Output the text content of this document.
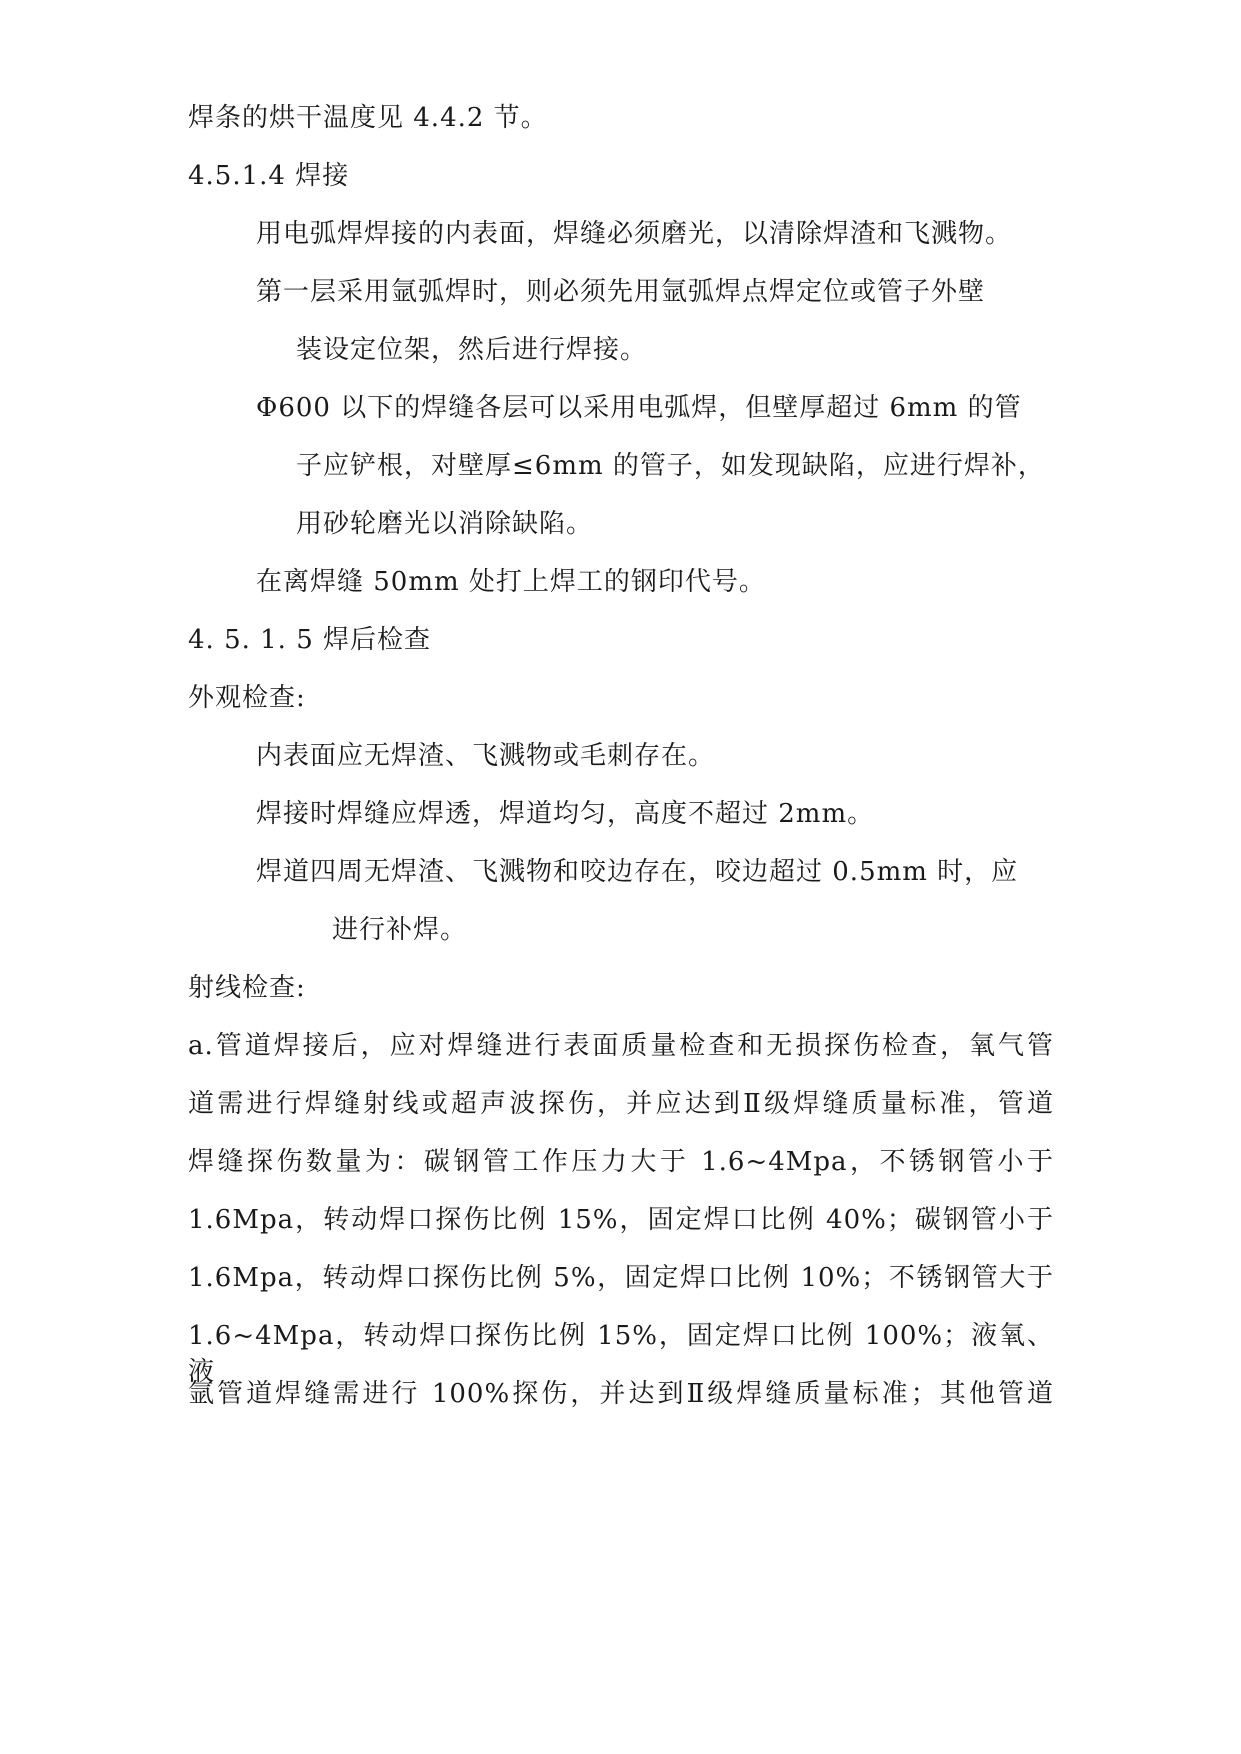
焊条的烘干温度见 4.4.2 节。
4.5.1.4 焊接
用电弧焊焊接的内表面，焊缝必须磨光，以清除焊渣和飞溅物。
第一层采用氩弧焊时，则必须先用氩弧焊点焊定位或管子外壁
装设定位架，然后进行焊接。
Φ600 以下的焊缝各层可以采用电弧焊，但壁厚超过 6mm 的管
子应铲根，对壁厚≤6mm 的管子，如发现缺陷，应进行焊补，
用砂轮磨光以消除缺陷。
在离焊缝 50mm 处打上焊工的钢印代号。
4. 5. 1. 5 焊后检查
外观检查:
内表面应无焊渣、飞溅物或毛刺存在。
焊接时焊缝应焊透，焊道均匀，高度不超过 2mm。
焊道四周无焊渣、飞溅物和咬边存在，咬边超过 0.5mm 时，应
进行补焊。
射线检查:
a.管道焊接后，应对焊缝进行表面质量检查和无损探伤检查，氧气管
道需进行焊缝射线或超声波探伤，并应达到Ⅱ级焊缝质量标准，管道
焊缝探伤数量为：碳钢管工作压力大于 1.6~4Mpa，不锈钢管小于
1.6Mpa，转动焊口探伤比例 15%，固定焊口比例 40%；碳钢管小于
1.6Mpa，转动焊口探伤比例 5%，固定焊口比例 10%；不锈钢管大于
1.6~4Mpa，转动焊口探伤比例 15%，固定焊口比例 100%；液氧、液
氩管道焊缝需进行 100%探伤，并达到Ⅱ级焊缝质量标准；其他管道
